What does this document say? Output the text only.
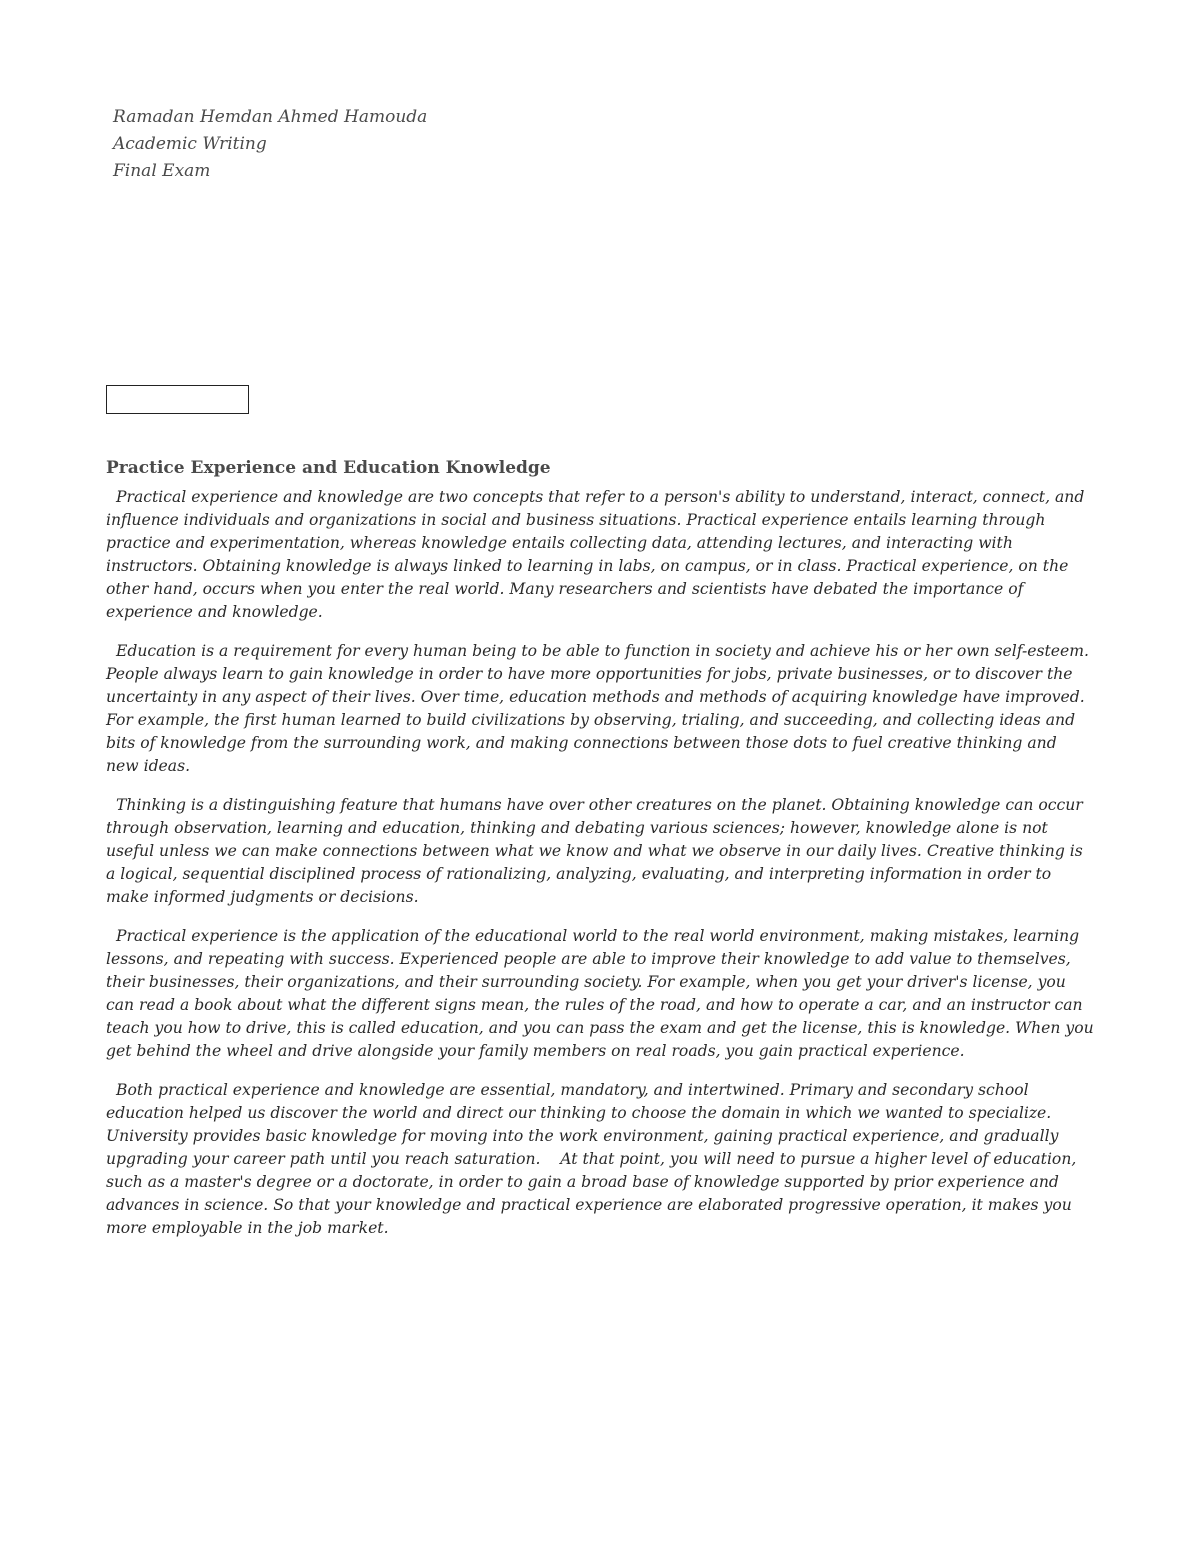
Ramadan Hemdan Ahmed Hamouda
Academic Writing
Final Exam
Practice Experience and Education Knowledge

Practical experience and knowledge are two concepts that refer to a person's ability to understand, interact, connect, and influence individuals and organizations in social and business situations. Practical experience entails learning through practice and experimentation, whereas knowledge entails collecting data, attending lectures, and interacting with instructors. Obtaining knowledge is always linked to learning in labs, on campus, or in class. Practical experience, on the other hand, occurs when you enter the real world. Many researchers and scientists have debated the importance of experience and knowledge.

Education is a requirement for every human being to be able to function in society and achieve his or her own self-esteem. People always learn to gain knowledge in order to have more opportunities for jobs, private businesses, or to discover the uncertainty in any aspect of their lives. Over time, education methods and methods of acquiring knowledge have improved. For example, the first human learned to build civilizations by observing, trialing, and succeeding, and collecting ideas and bits of knowledge from the surrounding work, and making connections between those dots to fuel creative thinking and new ideas.

Thinking is a distinguishing feature that humans have over other creatures on the planet. Obtaining knowledge can occur through observation, learning and education, thinking and debating various sciences; however, knowledge alone is not useful unless we can make connections between what we know and what we observe in our daily lives. Creative thinking is a logical, sequential disciplined process of rationalizing, analyzing, evaluating, and interpreting information in order to make informed judgments or decisions.

Practical experience is the application of the educational world to the real world environment, making mistakes, learning lessons, and repeating with success. Experienced people are able to improve their knowledge to add value to themselves, their businesses, their organizations, and their surrounding society. For example, when you get your driver's license, you can read a book about what the different signs mean, the rules of the road, and how to operate a car, and an instructor can teach you how to drive, this is called education, and you can pass the exam and get the license, this is knowledge. When you get behind the wheel and drive alongside your family members on real roads, you gain practical experience.

Both practical experience and knowledge are essential, mandatory, and intertwined. Primary and secondary school education helped us discover the world and direct our thinking to choose the domain in which we wanted to specialize. University provides basic knowledge for moving into the work environment, gaining practical experience, and gradually upgrading your career path until you reach saturation.    At that point, you will need to pursue a higher level of education, such as a master's degree or a doctorate, in order to gain a broad base of knowledge supported by prior experience and advances in science. So that your knowledge and practical experience are elaborated progressive operation, it makes you more employable in the job market.
